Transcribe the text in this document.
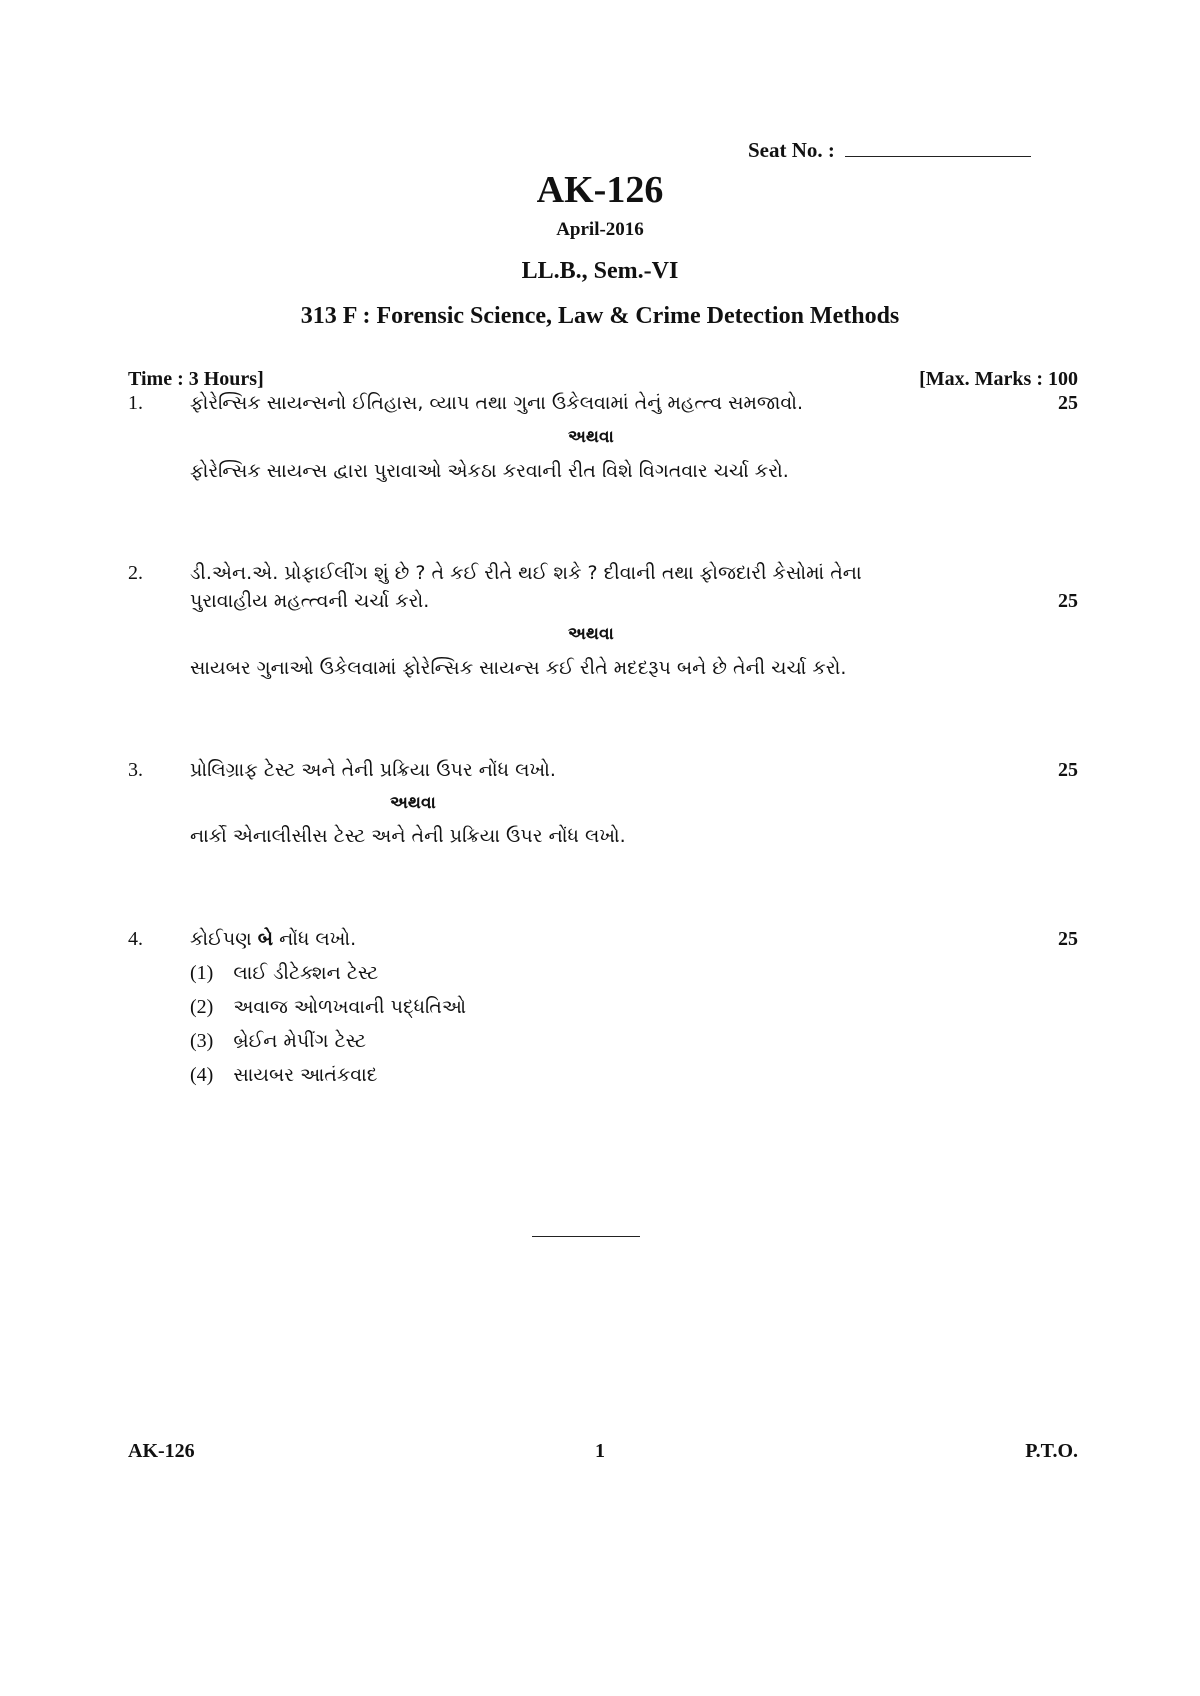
Seat No. :
AK-126
April-2016
LL.B., Sem.-VI
313 F : Forensic Science, Law & Crime Detection Methods
Time : 3 Hours]	[Max. Marks : 100
1. ફોરેન્સિક સાયન્સનો ઈતિહાસ, વ્યાપ તથા ગુના ઉકેલવામાં તેનું મહત્ત્વ સમજાવો.	25
અથવા
ફોરેન્સિક સાયન્સ દ્વારા પુરાવાઓ એકઠા કરવાની રીત વિશે વિગતવાર ચર્ચા કરો.
2. ડી.એન.એ. પ્રોફાઈલીંગ શું છે ? તે કઈ રીતે થઈ શકે ? દીવાની તથા ફોજદારી કેસોમાં તેના
પુરાવાહીય મહત્ત્વની ચર્ચા કરો.	25
અથવા
સાયબર ગુનાઓ ઉકેલવામાં ફોરેન્સિક સાયન્સ કઈ રીતે મદદરૂપ બને છે તેની ચર્ચા કરો.
3. પ્રોલિગ્રાફ ટેસ્ટ અને તેની પ્રક્રિયા ઉપર નોંધ લખો.	25
અથવા
નાર્કો એનાલીસીસ ટેસ્ટ અને તેની પ્રક્રિયા ઉપર નોંધ લખો.
4. કોઈપણ બે નોંધ લખો.	25
(1) લાઈ ડીટેક્શન ટેસ્ટ
(2) અવાજ ઓળખવાની પદ્ધતિઓ
(3) બ્રેઈન મેપીંગ ટેસ્ટ
(4) સાયબર આતંકવાદ
AK-126	1	P.T.O.
